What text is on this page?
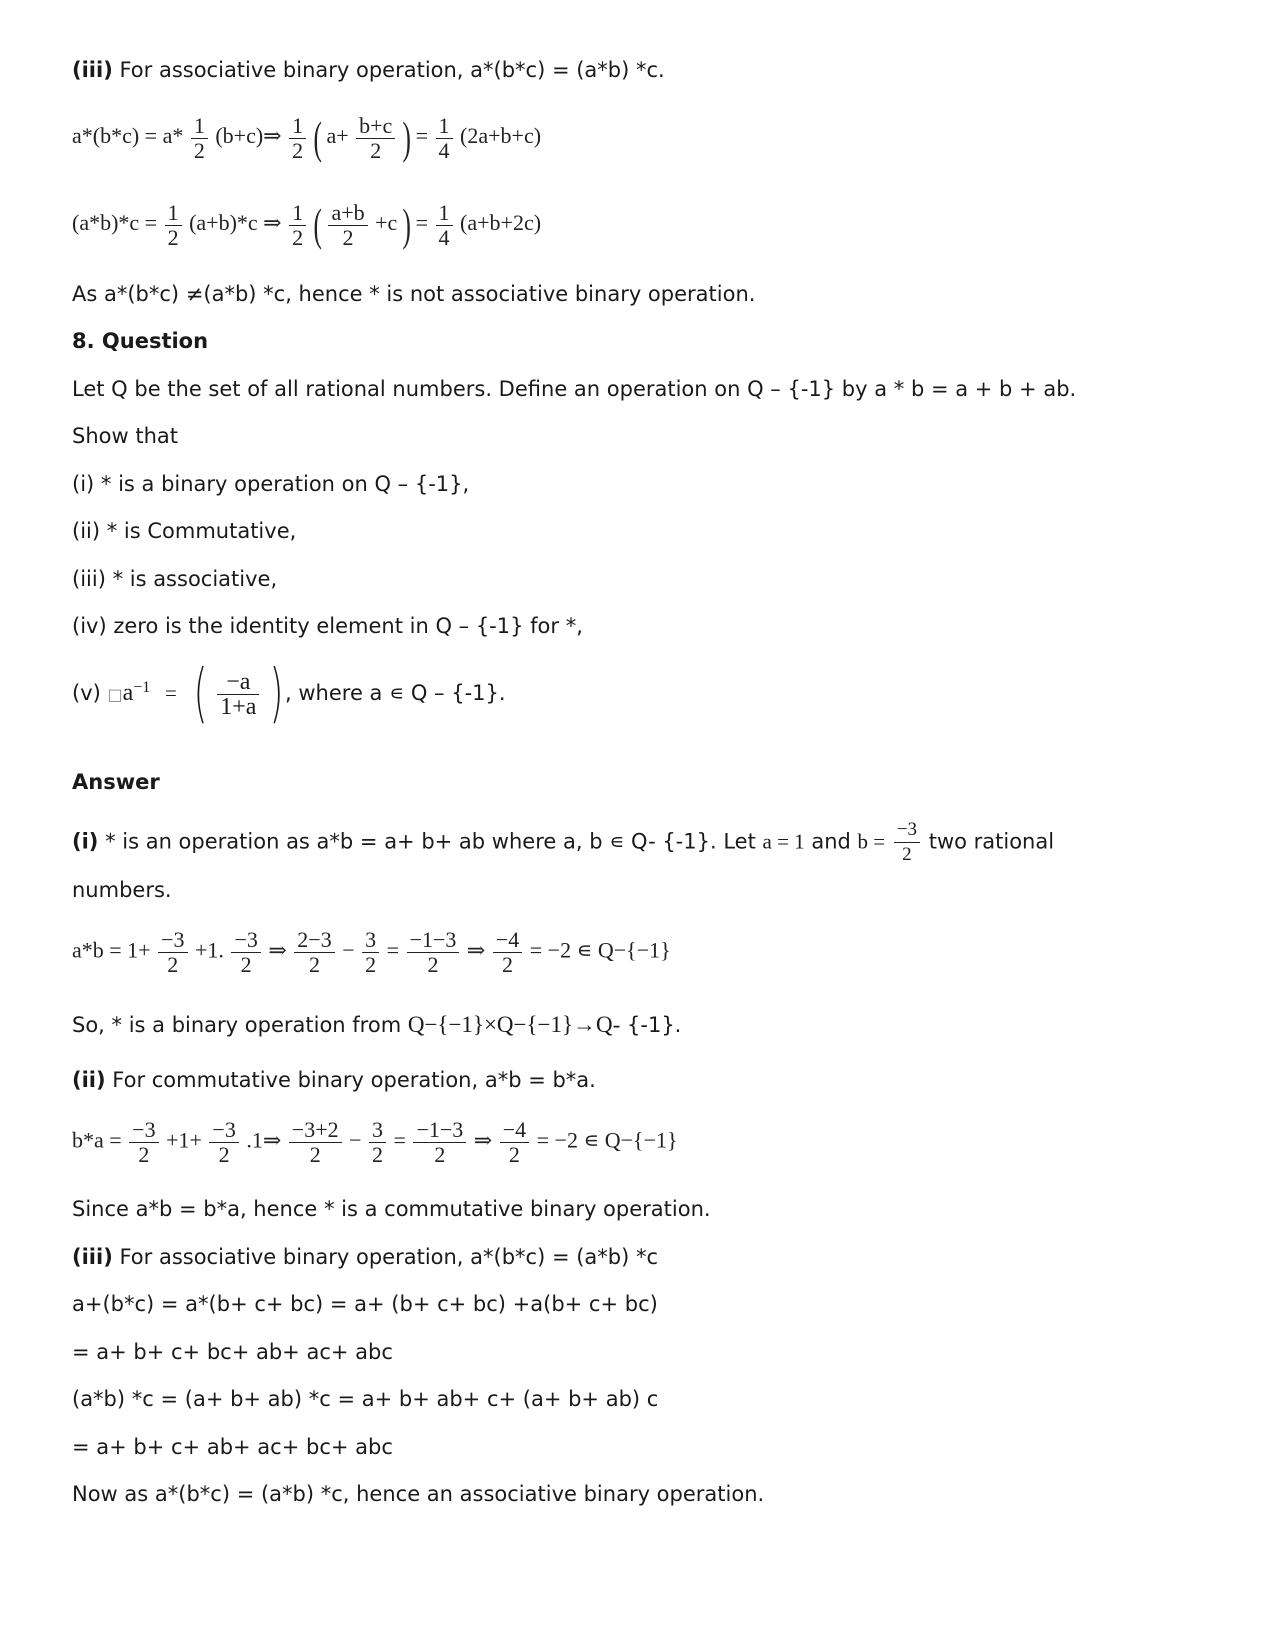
(iii) For associative binary operation, a*(b*c) = (a*b) *c.
$a*(b*c) = a* \frac{1}{2}$ (b+c)⇒ $\frac{1}{2}$ ( $a+ \frac{b+c}{2}$ ) = $\frac{1}{4} (2a+b+c)$
$(a*b)*c = \frac{1}{2} (a+b)*c$ ⇒ $\frac{1}{2}$ ( $\frac{a+b}{2} +c$ ) = $\frac{1}{4} (a+b+2c)$
As a*(b*c) ≠(a*b) *c, hence * is not associative binary operation.
8. Question
Let Q be the set of all rational numbers. Define an operation on Q – {-1} by a * b = a + b + ab.
Show that
(i) * is a binary operation on Q – {-1},
(ii) * is Commutative,
(iii) * is associative,
(iv) zero is the identity element in Q – {-1} for *,
(v) $□a^{-1}$ = ( $\frac{-a}{1+a}$ ), where a ∊ Q – {-1}.
Answer
(i) * is an operation as a*b = a+ b+ ab where a, b ∊ Q- {-1}. Let a = 1 and $b = \frac{-3}{2}$ two rational
numbers.
$a*b = 1+ \frac{-3}{2} +1$. $\frac{-3}{2}$ ⇒ $\frac{2-3}{2} - \frac{3}{2} = \frac{-1-3}{2}$ ⇒ $\frac{-4}{2} = -2$ ∊ Q−{−1}
So, * is a binary operation from Q−{−1}×Q−{−1}→Q- {-1}.
(ii) For commutative binary operation, a*b = b*a.
$b*a = \frac{-3}{2} +1+ \frac{-3}{2}$ .1⇒ $\frac{-3+2}{2} - \frac{3}{2} = \frac{-1-3}{2}$ ⇒ $\frac{-4}{2} = -2$ ∊ Q−{−1}
Since a*b = b*a, hence * is a commutative binary operation.
(iii) For associative binary operation, a*(b*c) = (a*b) *c
a+(b*c) = a*(b+ c+ bc) = a+ (b+ c+ bc) +a(b+ c+ bc)
= a+ b+ c+ bc+ ab+ ac+ abc
(a*b) *c = (a+ b+ ab) *c = a+ b+ ab+ c+ (a+ b+ ab) c
= a+ b+ c+ ab+ ac+ bc+ abc
Now as a*(b*c) = (a*b) *c, hence an associative binary operation.
